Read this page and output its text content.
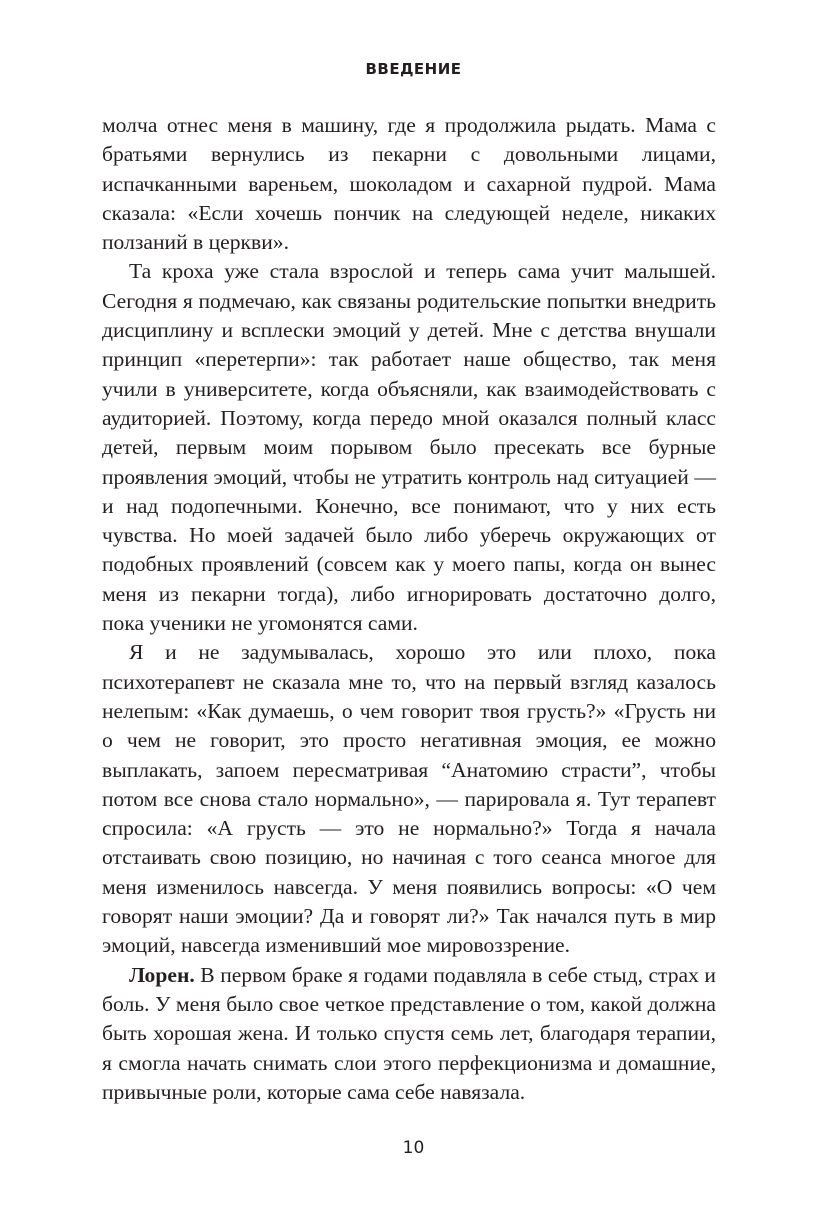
ВВЕДЕНИЕ

молча отнес меня в машину, где я продолжила рыдать. Мама с братьями вернулись из пекарни с довольными лицами, испачканными вареньем, шоколадом и сахарной пудрой. Мама сказала: «Если хочешь пончик на следующей неделе, никаких ползаний в церкви».

Та кроха уже стала взрослой и теперь сама учит малышей. Сегодня я подмечаю, как связаны родительские попытки внедрить дисциплину и всплески эмоций у детей. Мне с детства внушали принцип «перетерпи»: так работает наше общество, так меня учили в университете, когда объясняли, как взаимодействовать с аудиторией. Поэтому, когда передо мной оказался полный класс детей, первым моим порывом было пресекать все бурные проявления эмоций, чтобы не утратить контроль над ситуацией — и над подопечными. Конечно, все понимают, что у них есть чувства. Но моей задачей было либо уберечь окружающих от подобных проявлений (совсем как у моего папы, когда он вынес меня из пекарни тогда), либо игнорировать достаточно долго, пока ученики не угомонятся сами.

Я и не задумывалась, хорошо это или плохо, пока психотерапевт не сказала мне то, что на первый взгляд казалось нелепым: «Как думаешь, о чем говорит твоя грусть?» «Грусть ни о чем не говорит, это просто негативная эмоция, ее можно выплакать, запоем пересматривая “Анатомию страсти”, чтобы потом все снова стало нормально», — парировала я. Тут терапевт спросила: «А грусть — это не нормально?» Тогда я начала отстаивать свою позицию, но начиная с того сеанса многое для меня изменилось навсегда. У меня появились вопросы: «О чем говорят наши эмоции? Да и говорят ли?» Так начался путь в мир эмоций, навсегда изменивший мое мировоззрение.

Лорен. В первом браке я годами подавляла в себе стыд, страх и боль. У меня было свое четкое представление о том, какой должна быть хорошая жена. И только спустя семь лет, благодаря терапии, я смогла начать снимать слои этого перфекционизма и домашние, привычные роли, которые сама себе навязала.

10
